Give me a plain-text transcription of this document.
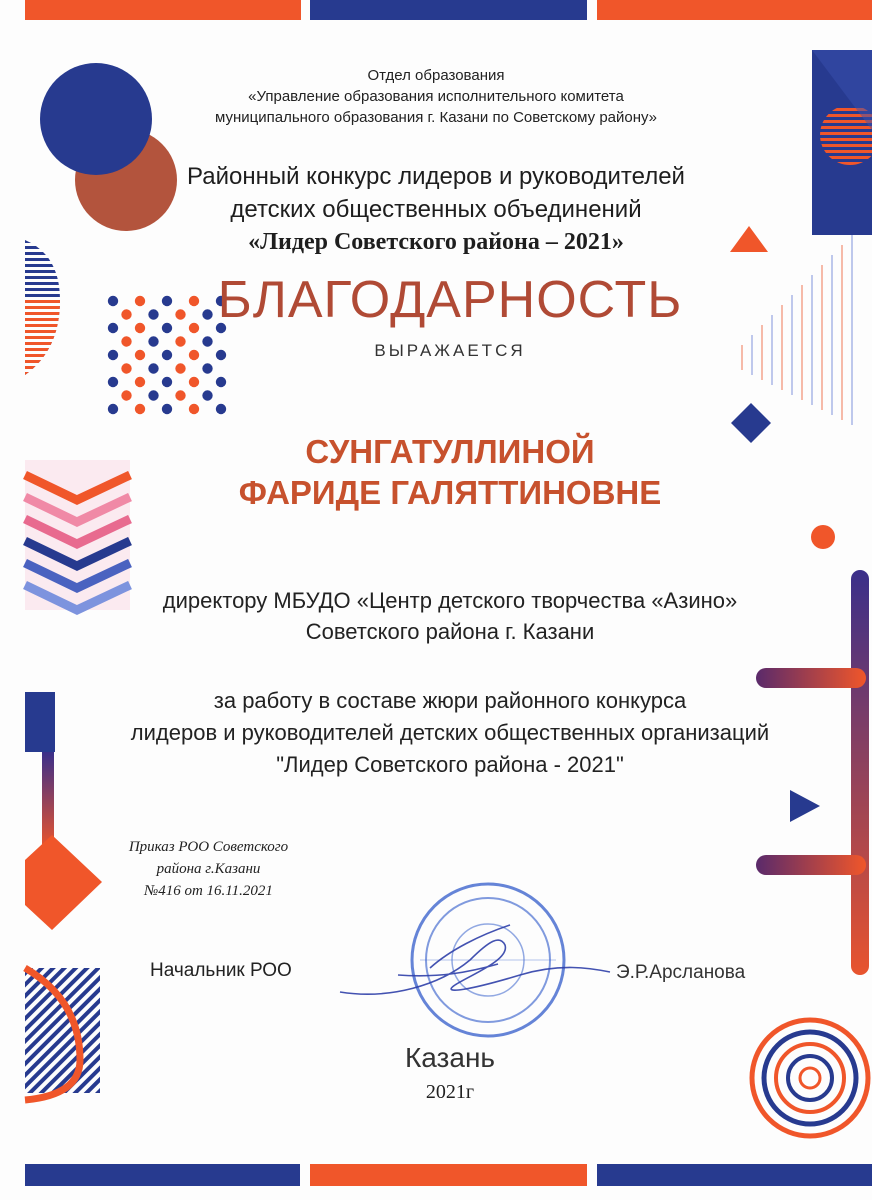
Отдел образования
«Управление образования исполнительного комитета
муниципального образования г. Казани по Советскому району»
Районный конкурс лидеров и руководителей
детских общественных объединений
«Лидер Советского района – 2021»
БЛАГОДАРНОСТЬ
ВЫРАЖАЕТСЯ
СУНГАТУЛЛИНОЙ
ФАРИДЕ ГАЛЯТТИНОВНЕ
директору МБУДО «Центр детского творчества «Азино»
Советского района г. Казани
за работу в составе жюри районного конкурса
лидеров и руководителей детских общественных организаций
"Лидер Советского района - 2021"
Приказ РОО Советского
района г.Казани
№416 от 16.11.2021
Начальник РОО	Э.Р.Арсланова
Казань
2021г
